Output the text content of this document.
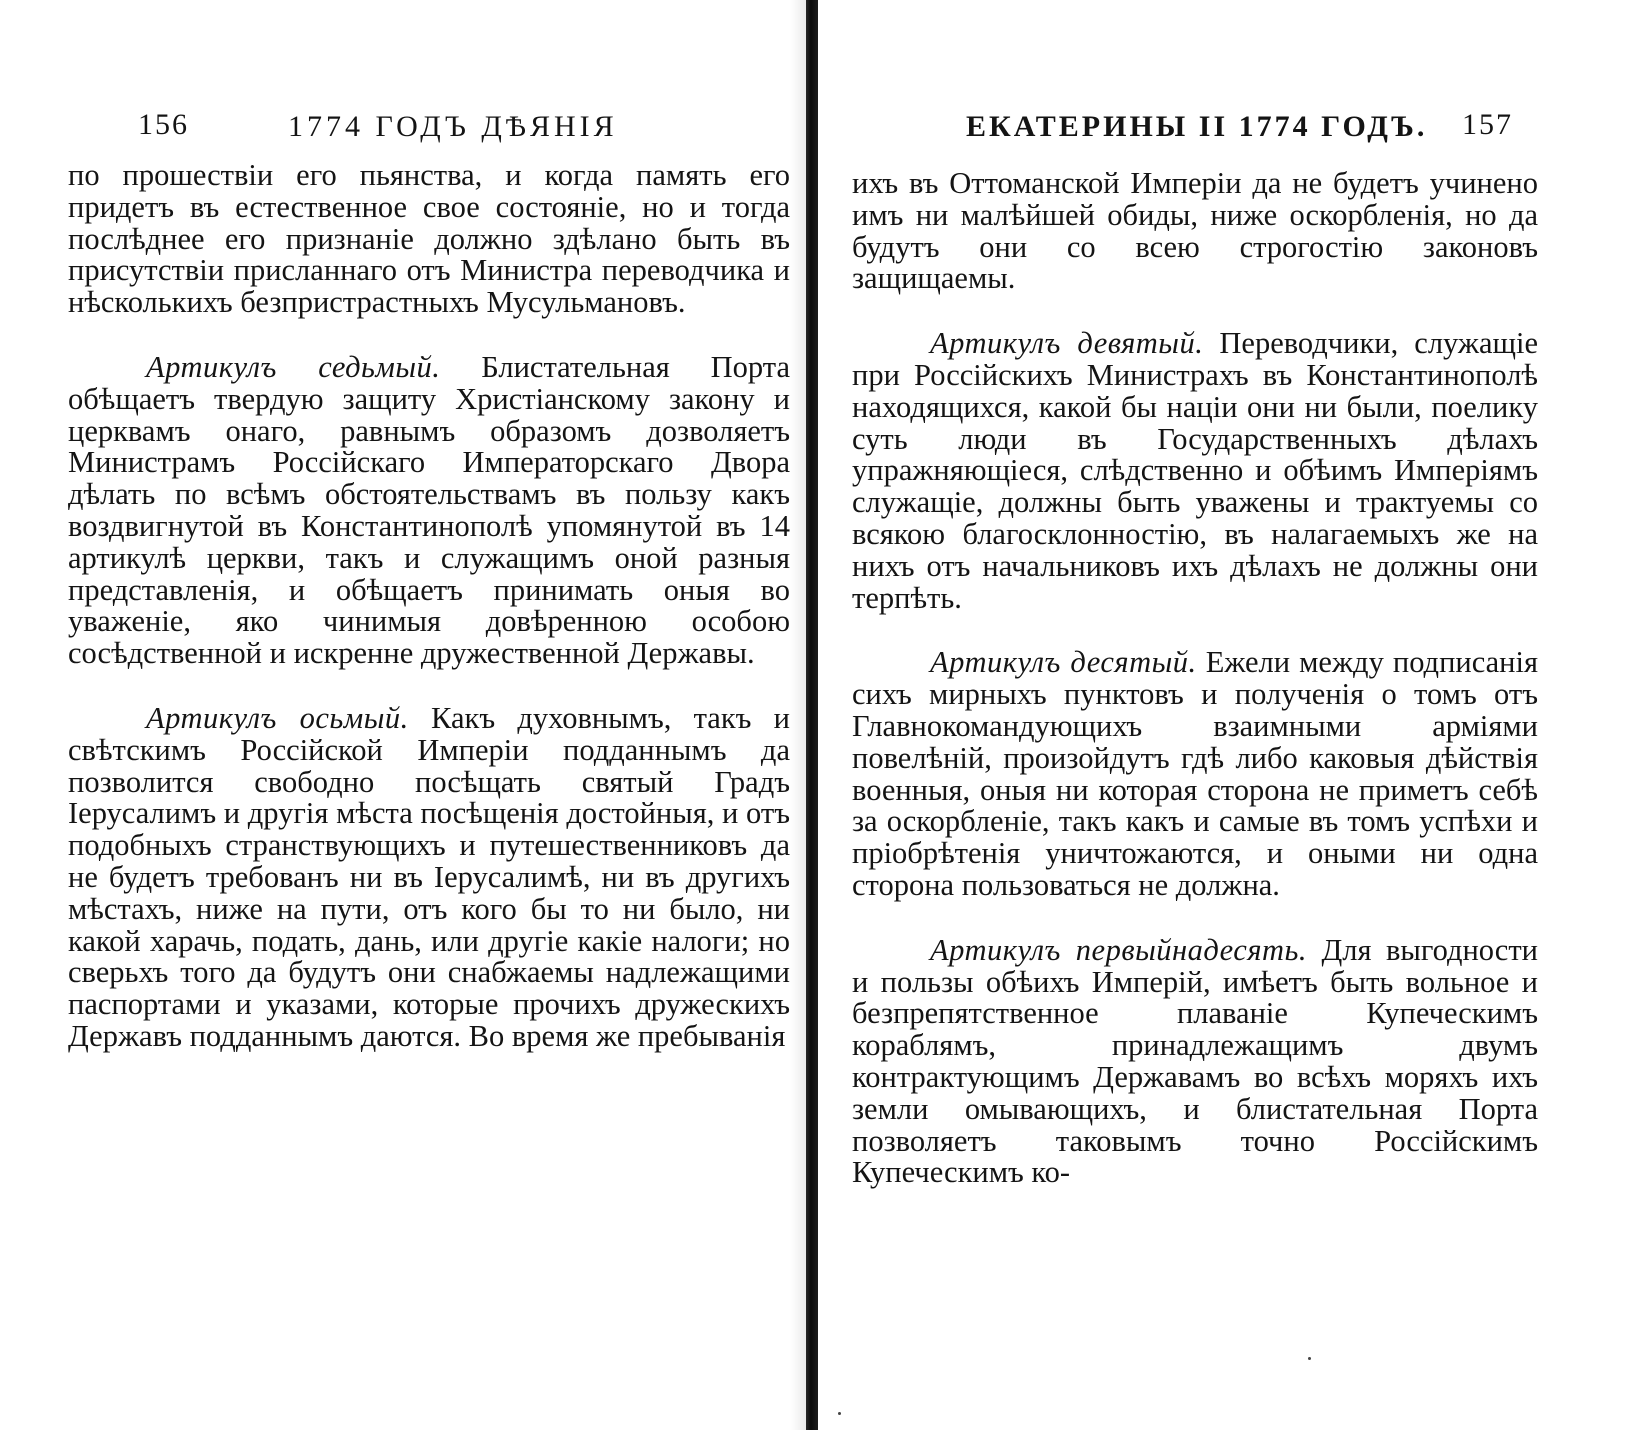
156	1774 ГОДЪ ДѢЯНІЯ

по прошествіи его пьянства, и когда память его придетъ въ естественное свое состояніе, но и тогда послѣднее его признаніе должно здѣлано быть въ присутствіи присланнаго отъ Министра переводчика и нѣсколькихъ безпристрастныхъ Мусульмановъ.

Артикулъ седьмый. Блистательная Порта обѣщаетъ твердую защиту Христіанскому закону и церквамъ онаго, равнымъ образомъ дозволяетъ Министрамъ Россійскаго Императорскаго Двора дѣлать по всѣмъ обстоятельствамъ въ пользу какъ воздвигнутой въ Константинополѣ упомянутой въ 14 артикулѣ церкви, такъ и служащимъ оной разныя представленія, и обѣщаетъ принимать оныя во уваженіе, яко чинимыя довѣренною особою сосѣдственной и искренне дружественной Державы.

Артикулъ осьмый. Какъ духовнымъ, такъ и свѣтскимъ Россійской Имперіи подданнымъ да позволится свободно посѣщать святый Градъ Іерусалимъ и другія мѣста посѣщенія достойныя, и отъ подобныхъ странствующихъ и путешественниковъ да не будетъ требованъ ни въ Іерусалимѣ, ни въ другихъ мѣстахъ, ниже на пути, отъ кого бы то ни было, ни какой харачь, подать, дань, или другіе какіе налоги; но сверьхъ того да будутъ они снабжаемы надлежащими паспортами и указами, которые прочихъ дружескихъ Державъ подданнымъ даются. Во время же пребыванія

ЕКАТЕРИНЫ II 1774 ГОДЪ. 157

ихъ въ Оттоманской Имперіи да не будетъ учинено имъ ни малѣйшей обиды, ниже оскорбленія, но да будутъ они со всею строгостію законовъ защищаемы.

Артикулъ девятый. Переводчики, служащіе при Россійскихъ Министрахъ въ Константинополѣ находящихся, какой бы націи они ни были, поелику суть люди въ Государственныхъ дѣлахъ упражняющіеся, слѣдственно и обѣимъ Имперіямъ служащіе, должны быть уважены и трактуемы со всякою благосклонностію, въ налагаемыхъ же на нихъ отъ начальниковъ ихъ дѣлахъ не должны они терпѣть.

Артикулъ десятый. Ежели между подписанія сихъ мирныхъ пунктовъ и полученія о томъ отъ Главнокомандующихъ взаимными арміями повелѣній, произойдутъ гдѣ либо каковыя дѣйствія военныя, оныя ни которая сторона не приметъ себѣ за оскорбленіе, такъ какъ и самые въ томъ успѣхи и пріобрѣтенія уничтожаются, и оными ни одна сторона пользоваться не должна.

Артикулъ первыйнадесять. Для выгодности и пользы обѣихъ Имперій, имѣетъ быть вольное и безпрепятственное плаваніе Купеческимъ кораблямъ, принадлежащимъ двумъ контрактующимъ Державамъ во всѣхъ моряхъ ихъ земли омывающихъ, и блистательная Порта позволяетъ таковымъ точно Россійскимъ Купеческимъ ко-
